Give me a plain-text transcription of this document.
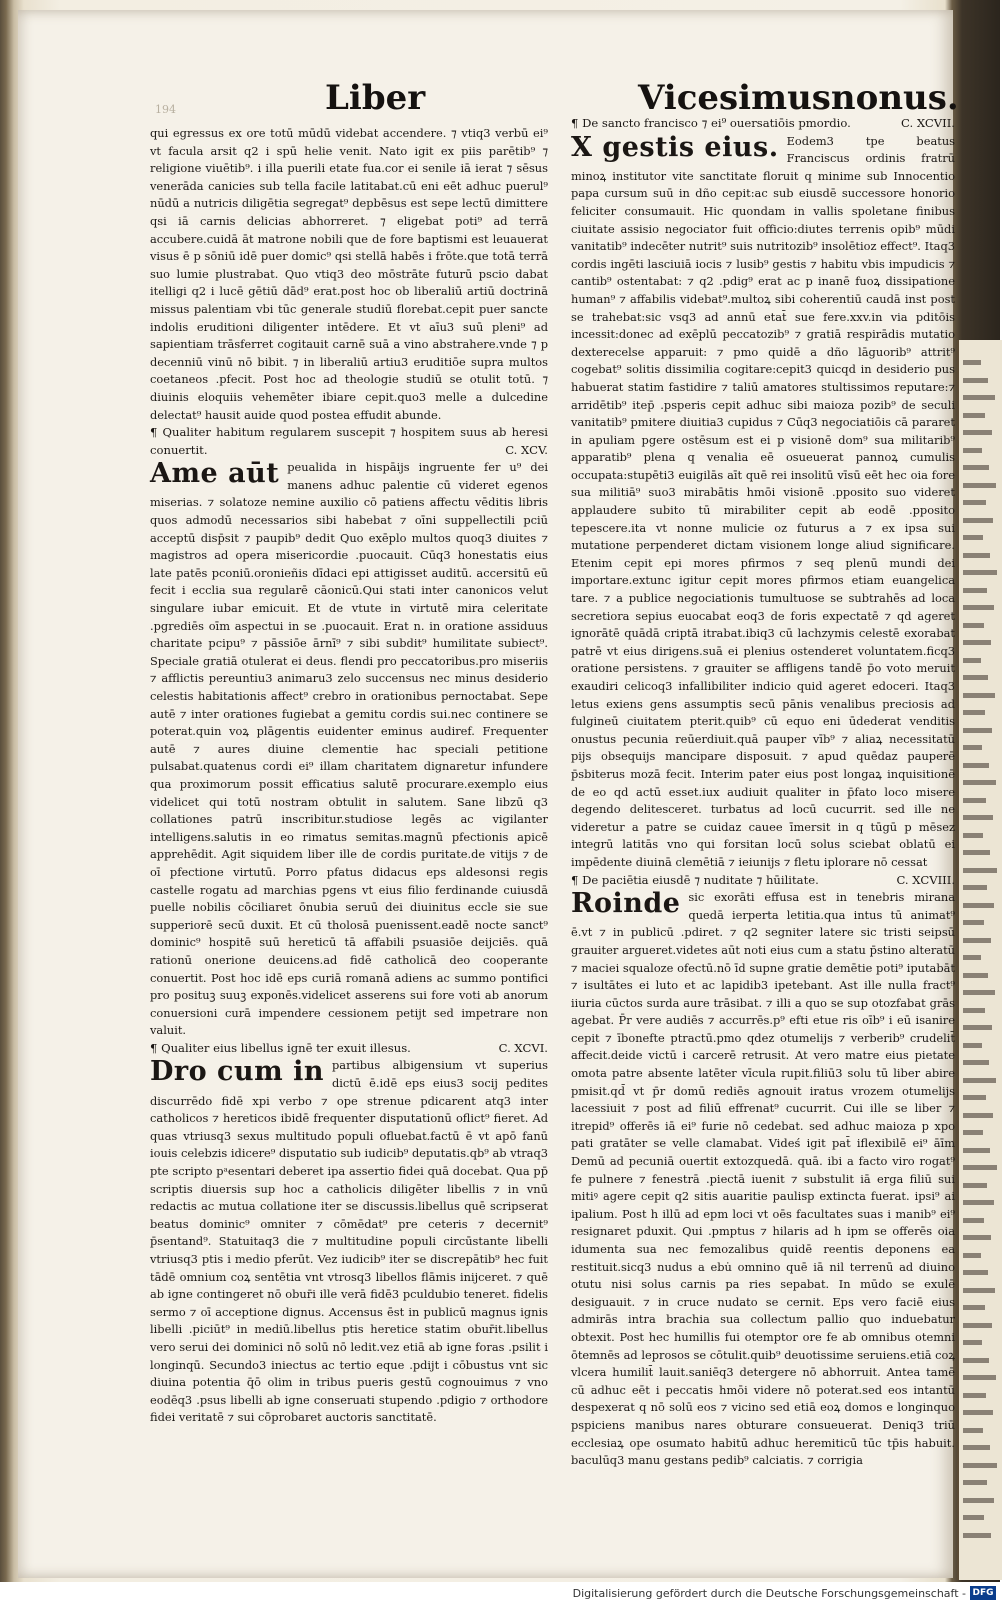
194	Liber	Vicesimusnonus.

qui egressus ex ore totū mūdū videbat accendere. ⁊ vtiq3 verbū ei⁹ vt facula arsit q2 i spū helie venit. Nato igit ex piis parētib⁹ ⁊ religione viuētib⁹. i illa puerili etate fua.cor ei senile iā ierat ⁊ sēsus venerāda canicies sub tella facile latitabat.cū eni eēt adhuc puerul⁹ nūdū a nutricis diligētia segregat⁹ depbēsus est sepe lectū dimittere qsi iā carnis delicias abhorreret. ⁊ eligebat poti⁹ ad terrā accubere.cuidā āt matrone nobili que de fore baptismi est leuauerat visus ē p sōniū idē puer domic⁹ qsi stellā habēs i frōte.que totā terrā suo lumie plustrabat. Quo vtiq3 deo mōstrāte futurū pscio dabat itelligi q2 i lucē gētiū dād⁹ erat.post hoc ob liberaliū artiū doctrinā missus palentiam vbi tūc generale studiū florebat.cepit puer sancte indolis eruditioni diligenter intēdere. Et vt aīu3 suū pleni⁹ ad sapientiam trāsferret cogitauit carnē suā a vino abstrahere.vnde ⁊ p decenniū vinū nō bibit. ⁊ in liberaliū artiu3 eruditiōe supra multos coetaneos .pfecit. Post hoc ad theologie studiū se otulit totū. ⁊ diuinis eloquiis vehemēter ibiare cepit.quo3 melle a dulcedine delectat⁹ hausit auide quod postea effudit abunde.

¶ Qualiter habitum regularem suscepit ⁊ hospitem suus ab heresi conuertit.	C. XCV.

Ame aūt peualida in hispāijs ingruente fer u⁹ dei manens adhuc palentie cū videret egenos miserias. ⁊ solatoze nemine auxilio cō patiens affectu vēditis libris quos admodū necessarios sibi habebat ⁊ oīni suppellectili pciū acceptū disp̄sit ⁊ paupib⁹ dedit Quo exēplo multos quoq3 diuites ⁊ magistros ad opera misericordie .puocauit. Cūq3 honestatis eius late patēs pconiū.oronieñis dīdaci epi attigisset auditū. accersitū eū fecit i ecclia sua regularē cāonicū.Qui stati inter canonicos velut singulare iubar emicuit. Et de vtute in virtutē mira celeritate .pgrediēs oīm aspectui in se .puocauit. Erat n. in oratione assiduus charitate pcipu⁹ ⁊ pāssiōe ārnī⁹ ⁊ sibi subdit⁹ humilitate subiect⁹. Speciale gratiā otulerat ei deus. flendi pro peccatoribus.pro miseriis ⁊ afflictis pereuntiu3 animaru3 zelo succensus nec minus desiderio celestis habitationis affect⁹ crebro in orationibus pernoctabat. Sepe autē ⁊ inter orationes fugiebat a gemitu cordis sui.nec continere se poterat.quin voꝝ plāgentis euidenter eminus audiref. Frequenter autē ⁊ aures diuine clementie hac speciali petitione pulsabat.quatenus cordi ei⁹ illam charitatem dignaretur infundere qua proximorum possit efficatius salutē procurare.exemplo eius videlicet qui totū nostram obtulit in salutem. Sane libzū q3 collationes patrū inscribitur.studiose legēs ac vigilanter intelligens.salutis in eo rimatus semitas.magnū pfectionis apicē apprehēdit. Agit siquidem liber ille de cordis puritate.de vitijs ⁊ de oī pfectione virtutū. Porro pfatus didacus eps aldesonsi regis castelle rogatu ad marchias pgens vt eius filio ferdinande cuiusdā puelle nobilis cōciliaret ōnubia seruū dei diuinitus eccle sie sue supperiorē secū duxit. Et cū tholosā puenissent.eadē nocte sanct⁹ dominic⁹ hospitē suū hereticū tā affabili psuasiōe deijciēs. quā rationū onerione deuicens.ad fidē catholicā deo cooperante conuertit. Post hoc idē eps curiā romanā adiens ac summo pontifici pro posituꝫ suuꝫ exponēs.videlicet asserens sui fore voti ab anorum conuersioni curā impendere cessionem petijt sed impetrare non valuit.

¶ Qualiter eius libellus ignē ter exuit illesus.	C. XCVI.

Dro cum in partibus albigensium vt superius dictū ē.idē eps eius3 socij pedites discurrēdo fidē xpi verbo ⁊ ope strenue pdicarent atq3 inter catholicos ⁊ hereticos ibidē frequenter disputationū oflict⁹ fieret. Ad quas vtriusq3 sexus multitudo populi ofluebat.factū ē vt apō fanū iouis celebzis idicere⁹ disputatio sub iudicib⁹ deputatis.qb⁹ ab vtraq3 pte scripto pᵃesentari deberet ipa assertio fidei quā docebat. Qua pp̄ scriptis diuersis sup hoc a catholicis diligēter libellis ⁊ in vnū redactis ac mutua collatione iter se discussis.libellus quē scripserat beatus dominic⁹ omniter ⁊ cōmēdat⁹ pre ceteris ⁊ decernit⁹ p̄sentand⁹. Statuitaq3 die ⁊ multitudine populi circūstante libelli vtriusq3 ptis i medio pferūt. Vez iudicib⁹ iter se discrepātib⁹ hec fuit tādē omnium coꝝ sentētia vnt vtrosq3 libellos flāmis inijceret. ⁊ quē ab igne contingeret nō obur̄i ille verā fidē3 pculdubio teneret. fidelis sermo ⁊ oī acceptione dignus. Accensus ēst in publicū magnus ignis libelli .piciūt⁹ in mediū.libellus ptis heretice statim obur̄it.libellus vero serui dei dominici nō solū nō ledit.vez etiā ab igne foras .psilit i longinqū. Secundo3 iniectus ac tertio eque .pdijt i cōbustus vnt sic diuina potentia q̄ō olim in tribus pueris gestū cognouimus ⁊ vno eodēq3 .psus libelli ab igne conseruati stupendo .pdigio ⁊ orthodore fidei veritatē ⁊ sui cōprobaret auctoris sanctitatē.

¶ De sancto francisco ⁊ ei⁹ ouersatiōis pmordio.	C. XCVII.

X gestis eius. Eodem3 tpe beatus Franciscus ordinis fratrū minoꝝ institutor vite sanctitate floruit q minime sub Innocentio papa cursum suū in dño cepit:ac sub eiusdē successore honorio feliciter consumauit. Hic quondam in vallis spoletane finibus ciuitate assisio negociator fuit officio:diutes terrenis opib⁹ mūdi vanitatib⁹ indecēter nutrit⁹ suis nutritozib⁹ insolētioz effect⁹. Itaq3 cordis ingēti lasciuiā iocis ⁊ lusib⁹ gestis ⁊ habitu vbis impudicis ⁊ cantib⁹ ostentabat: ⁊ q2 .pdig⁹ erat ac p inanē fuoꝝ dissipatione human⁹ ⁊ affabilis videbat⁹.multoꝝ sibi coherentiū caudā inst post se trahebat:sic vsq3 ad annū etat̄ sue fere.xxv.in via pditōis incessit:donec ad exēplū peccatozib⁹ ⁊ gratiā respirādis mutatio dexterecelse apparuit: ⁊ pmo quidē a dño lāguorib⁹ attrit⁹ cogebat⁹ solitis dissimilia cogitare:cepit3 quicqd in desiderio pus habuerat statim fastidire ⁊ taliū amatores stultissimos reputare:⁊ arridētib⁹ itep̄ .psperis cepit adhuc sibi maioza pozib⁹ de seculi vanitatib⁹ pmitere diuitia3 cupidus ⁊ Cūq3 negociatiōis cā pararet in apuliam pgere ostēsum est ei p visionē dom⁹ sua militarib⁹ apparatib⁹ plena q venalia eē osueuerat pannoꝝ cumulis occupata:stupēti3 euigilās aīt quē rei insolitū vīsū eēt hec oia fore sua militiā⁹ suo3 mirabātis hmōi visionē .pposito suo videret applaudere subito tū mirabiliter cepit ab eodē .pposito tepescere.ita vt nonne mulicie oz futurus a ⁊ ex ipsa sui mutatione perpenderet dictam visionem longe aliud significare. Etenim cepit epi mores pfirmos ⁊ seq plenū mundi dei importare.extunc igitur cepit mores pfirmos etiam euangelica tare. ⁊ a publice negociationis tumultuose se subtrahēs ad loca secretiora sepius euocabat eoq3 de foris expectatē ⁊ qd ageret ignorātē quādā criptā itrabat.ibiq3 cū lachzymis celestē exorabat patrē vt eius dirigens.suā ei plenius ostenderet voluntatem.ficq3 oratione persistens. ⁊ grauiter se affligens tandē p̄o voto meruit exaudiri celicoq3 infallibiliter indicio quid ageret edoceri. Itaq3 letus exiens gens assumptis secū pānis venalibus preciosis ad fulgineū ciuitatem pterit.quib⁹ cū equo eni ūdederat venditis onustus pecunia reūerdiuit.quā pauper vīb⁹ ⁊ aliaꝝ necessitatū pijs obsequijs mancipare disposuit. ⁊ apud quēdaz pauperē p̄sbiterus mozā fecit. Interim pater eius post longaꝝ inquisitionē de eo qd actū esset.iux audiuit qualiter in p̄fato loco misere degendo delitesceret. turbatus ad locū cucurrit. sed ille ne videretur a patre se cuidaz cauee īmersit in q tūgū p mēsez integrū latitās vno qui forsitan locū solus sciebat oblatū ei impēdente diuinā clemētiā ⁊ ieiunijs ⁊ fletu iplorare nō cessat

¶ De paciētia eiusdē ⁊ nuditate ⁊ hūilitate.	C. XCVIII.

Roinde sic exorāti effusa est in tenebris mirana quedā ierperta letitia.qua intus tū animat⁹ ē.vt ⁊ in publicū .pdiret. ⁊ q2 segniter latere sic tristi seipsū grauiter argueret.videtes aūt noti eius cum a statu p̄stino alteratū ⁊ maciei squaloze ofectū.nō īd supne gratie demētie poti⁹ iputabāt ⁊ isultātes ei luto et ac lapidib3 ipetebant. Ast ille nulla fract⁹ iiuria cūctos surda aure trāsibat. ⁊ illi a quo se sup otozfabat grās agebat. P̄r vere audiēs ⁊ accurrēs.p⁹ efti etue ris oīb⁹ i eū isanire cepit ⁊ ībonefte ptractū.pmo qdez otumelijs ⁊ verberib⁹ crudelit̄ affecit.deide victū i carcerē retrusit. At vero matre eius pietate omota patre absente latēter vīcula rupit.filiū3 solu tū liber abire pmisit.qd̄ vt p̄r domū rediēs agnouit iratus vrozem otumelijs lacessiuit ⁊ post ad filiū effrenat⁹ cucurrit. Cui ille se liber ⁊ itrepid⁹ offerēs iā ei⁹ furie nō cedebat. sed adhuc maioza p xpo pati gratāter se velle clamabat. Videś igit pat̄ iflexibilē ei⁹ āīm Demū ad pecuniā ouertit extozquedā. quā. ibi a facto viro rogat⁹ fe pulnere ⁊ fenestrā .piectā iuenit ⁊ substulit iā erga filiū sui mitiꝰ agere cepit q2 sitis auaritie paulisp extincta fuerat. ipsi⁹ ai ipalium. Post h illū ad epm loci vt oēs facultates suas i manib⁹ ei⁹ resignaret pduxit. Qui .pmptus ⁊ hilaris ad h ipm se offerēs oia idumenta sua nec femozalibus quidē reentis deponens ea restituit.sicq3 nudus a ebu̇ omnino quē iā nil terrenū ad diuino otutu nisi solus carnis pa ries sepabat. In mūdo se exulē desiguauit. ⁊ in cruce nudato se cernit. Eps vero faciē eius admirās intra brachia sua collectum pallio quo induebatur obtexit. Post hec humillis fui otemptor ore fe ab omnibus otemni ōtemnēs ad leprosos se cōtulit.quib⁹ deuotissime seruiens.etiā coꝝ vlcera humilit̄ lauit.saniēq3 detergere nō abhorruit. Antea tamē cū adhuc eēt i peccatis hmōi videre nō poterat.sed eos intantū despexerat q nō solū eos ⁊ vicino sed etiā eoꝝ domos e longinquo pspiciens manibus nares obturare consueuerat. Deniq3 triū ecclesiaꝝ ope osumato habitū adhuc heremiticū tūc tp̄is habuit. baculūq3 manu gestans pedib⁹ calciatis. ⁊ corrigia

Digitalisierung gefördert durch die Deutsche Forschungsgemeinschaft - DFG
